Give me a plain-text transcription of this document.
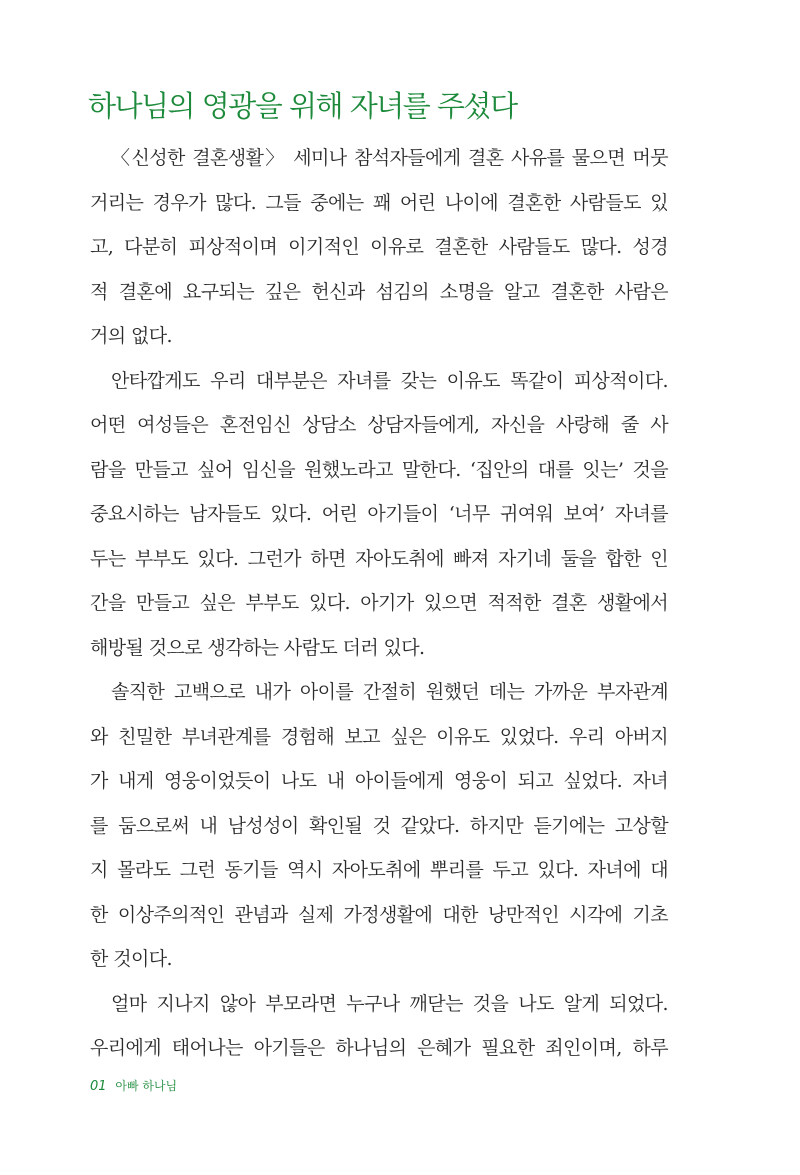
하나님의 영광을 위해 자녀를 주셨다
〈신성한 결혼생활〉 세미나 참석자들에게 결혼 사유를 물으면 머뭇
거리는 경우가 많다. 그들 중에는 꽤 어린 나이에 결혼한 사람들도 있
고, 다분히 피상적이며 이기적인 이유로 결혼한 사람들도 많다. 성경
적 결혼에 요구되는 깊은 헌신과 섬김의 소명을 알고 결혼한 사람은
거의 없다.
안타깝게도 우리 대부분은 자녀를 갖는 이유도 똑같이 피상적이다.
어떤 여성들은 혼전임신 상담소 상담자들에게, 자신을 사랑해 줄 사
람을 만들고 싶어 임신을 원했노라고 말한다. ‘집안의 대를 잇는’ 것을
중요시하는 남자들도 있다. 어린 아기들이 ‘너무 귀여워 보여’ 자녀를
두는 부부도 있다. 그런가 하면 자아도취에 빠져 자기네 둘을 합한 인
간을 만들고 싶은 부부도 있다. 아기가 있으면 적적한 결혼 생활에서
해방될 것으로 생각하는 사람도 더러 있다.
솔직한 고백으로 내가 아이를 간절히 원했던 데는 가까운 부자관계
와 친밀한 부녀관계를 경험해 보고 싶은 이유도 있었다. 우리 아버지
가 내게 영웅이었듯이 나도 내 아이들에게 영웅이 되고 싶었다. 자녀
를 둠으로써 내 남성성이 확인될 것 같았다. 하지만 듣기에는 고상할
지 몰라도 그런 동기들 역시 자아도취에 뿌리를 두고 있다. 자녀에 대
한 이상주의적인 관념과 실제 가정생활에 대한 낭만적인 시각에 기초
한 것이다.
얼마 지나지 않아 부모라면 누구나 깨닫는 것을 나도 알게 되었다.
우리에게 태어나는 아기들은 하나님의 은혜가 필요한 죄인이며, 하루
01 아빠 하나님
